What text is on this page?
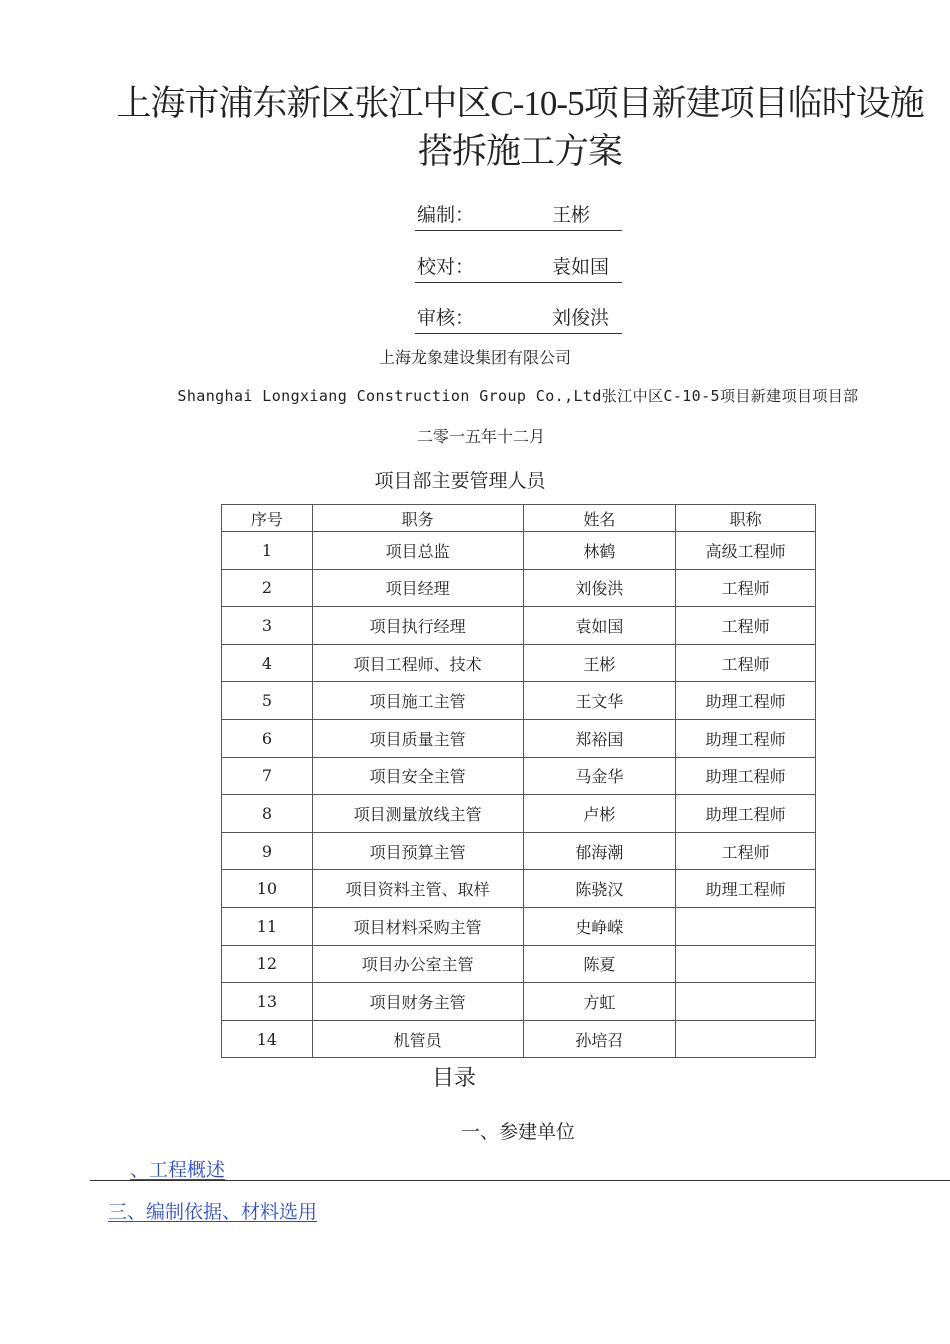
上海市浦东新区张江中区C-10-5项目新建项目临时设施
搭拆施工方案
编制：	王彬
校对：	袁如国
审核：	刘俊洪
上海龙象建设集团有限公司
Shanghai Longxiang Construction Group Co.,Ltd张江中区C-10-5项目新建项目项目部
二零一五年十二月
项目部主要管理人员
序号	职务	姓名	职称
1	项目总监	林鹤	高级工程师
2	项目经理	刘俊洪	工程师
3	项目执行经理	袁如国	工程师
4	项目工程师、技术	王彬	工程师
5	项目施工主管	王文华	助理工程师
6	项目质量主管	郑裕国	助理工程师
7	项目安全主管	马金华	助理工程师
8	项目测量放线主管	卢彬	助理工程师
9	项目预算主管	郁海潮	工程师
10	项目资料主管、取样	陈骁汉	助理工程师
11	项目材料采购主管	史峥嵘	
12	项目办公室主管	陈夏	
13	项目财务主管	方虹	
14	机管员	孙培召	
目录
一、参建单位
、工程概述
三、编制依据、材料选用
